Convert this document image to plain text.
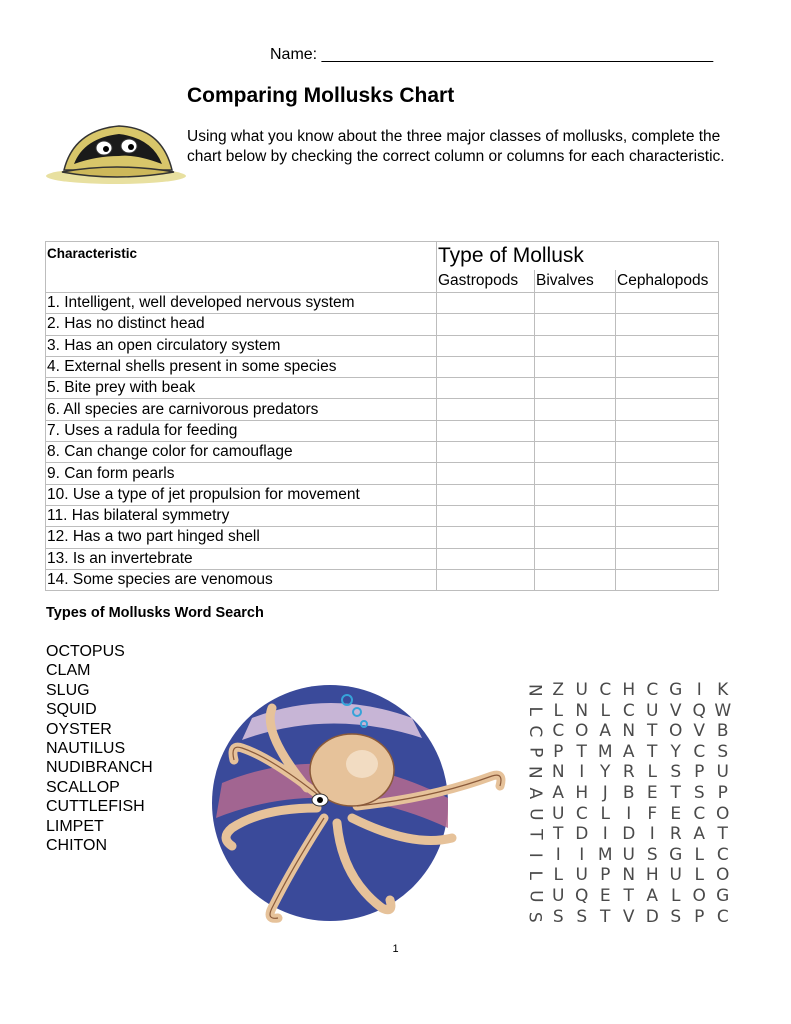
Name: ____________________________________________
Comparing Mollusks Chart

Using what you know about the three major classes of mollusks, complete the chart below by checking the correct column or columns for each characteristic.

Characteristic	Type of Mollusk		
	Gastropods	Bivalves	Cephalopods
1. Intelligent, well developed nervous system			
2. Has no distinct head			
3. Has an open circulatory system			
4. External shells present in some species			
5. Bite prey with beak			
6. All species are carnivorous predators			
7. Uses a radula for feeding			
8. Can change color for camouflage			
9. Can form pearls			
10. Use a type of jet propulsion for movement			
11. Has bilateral symmetry			
12. Has a two part hinged shell			
13. Is an invertebrate			
14. Some species are venomous			
Types of Mollusks Word Search
OCTOPUS
CLAM
SLUG
SQUID
OYSTER
NAUTILUS
NUDIBRANCH
SCALLOP
CUTTLEFISH
LIMPET
CHITON
N Z U C H C G I K
L L N L C U V Q W
C C O A N T O V B
P P T M A T Y C S
N N I Y R L S P U
A A H J B E T S P
U U C L I F E C O
T T D I D I R A T
I I I M U S G L C
L L U P N H U L O
U U Q E T A L O G
S S S T V D S P C
1
